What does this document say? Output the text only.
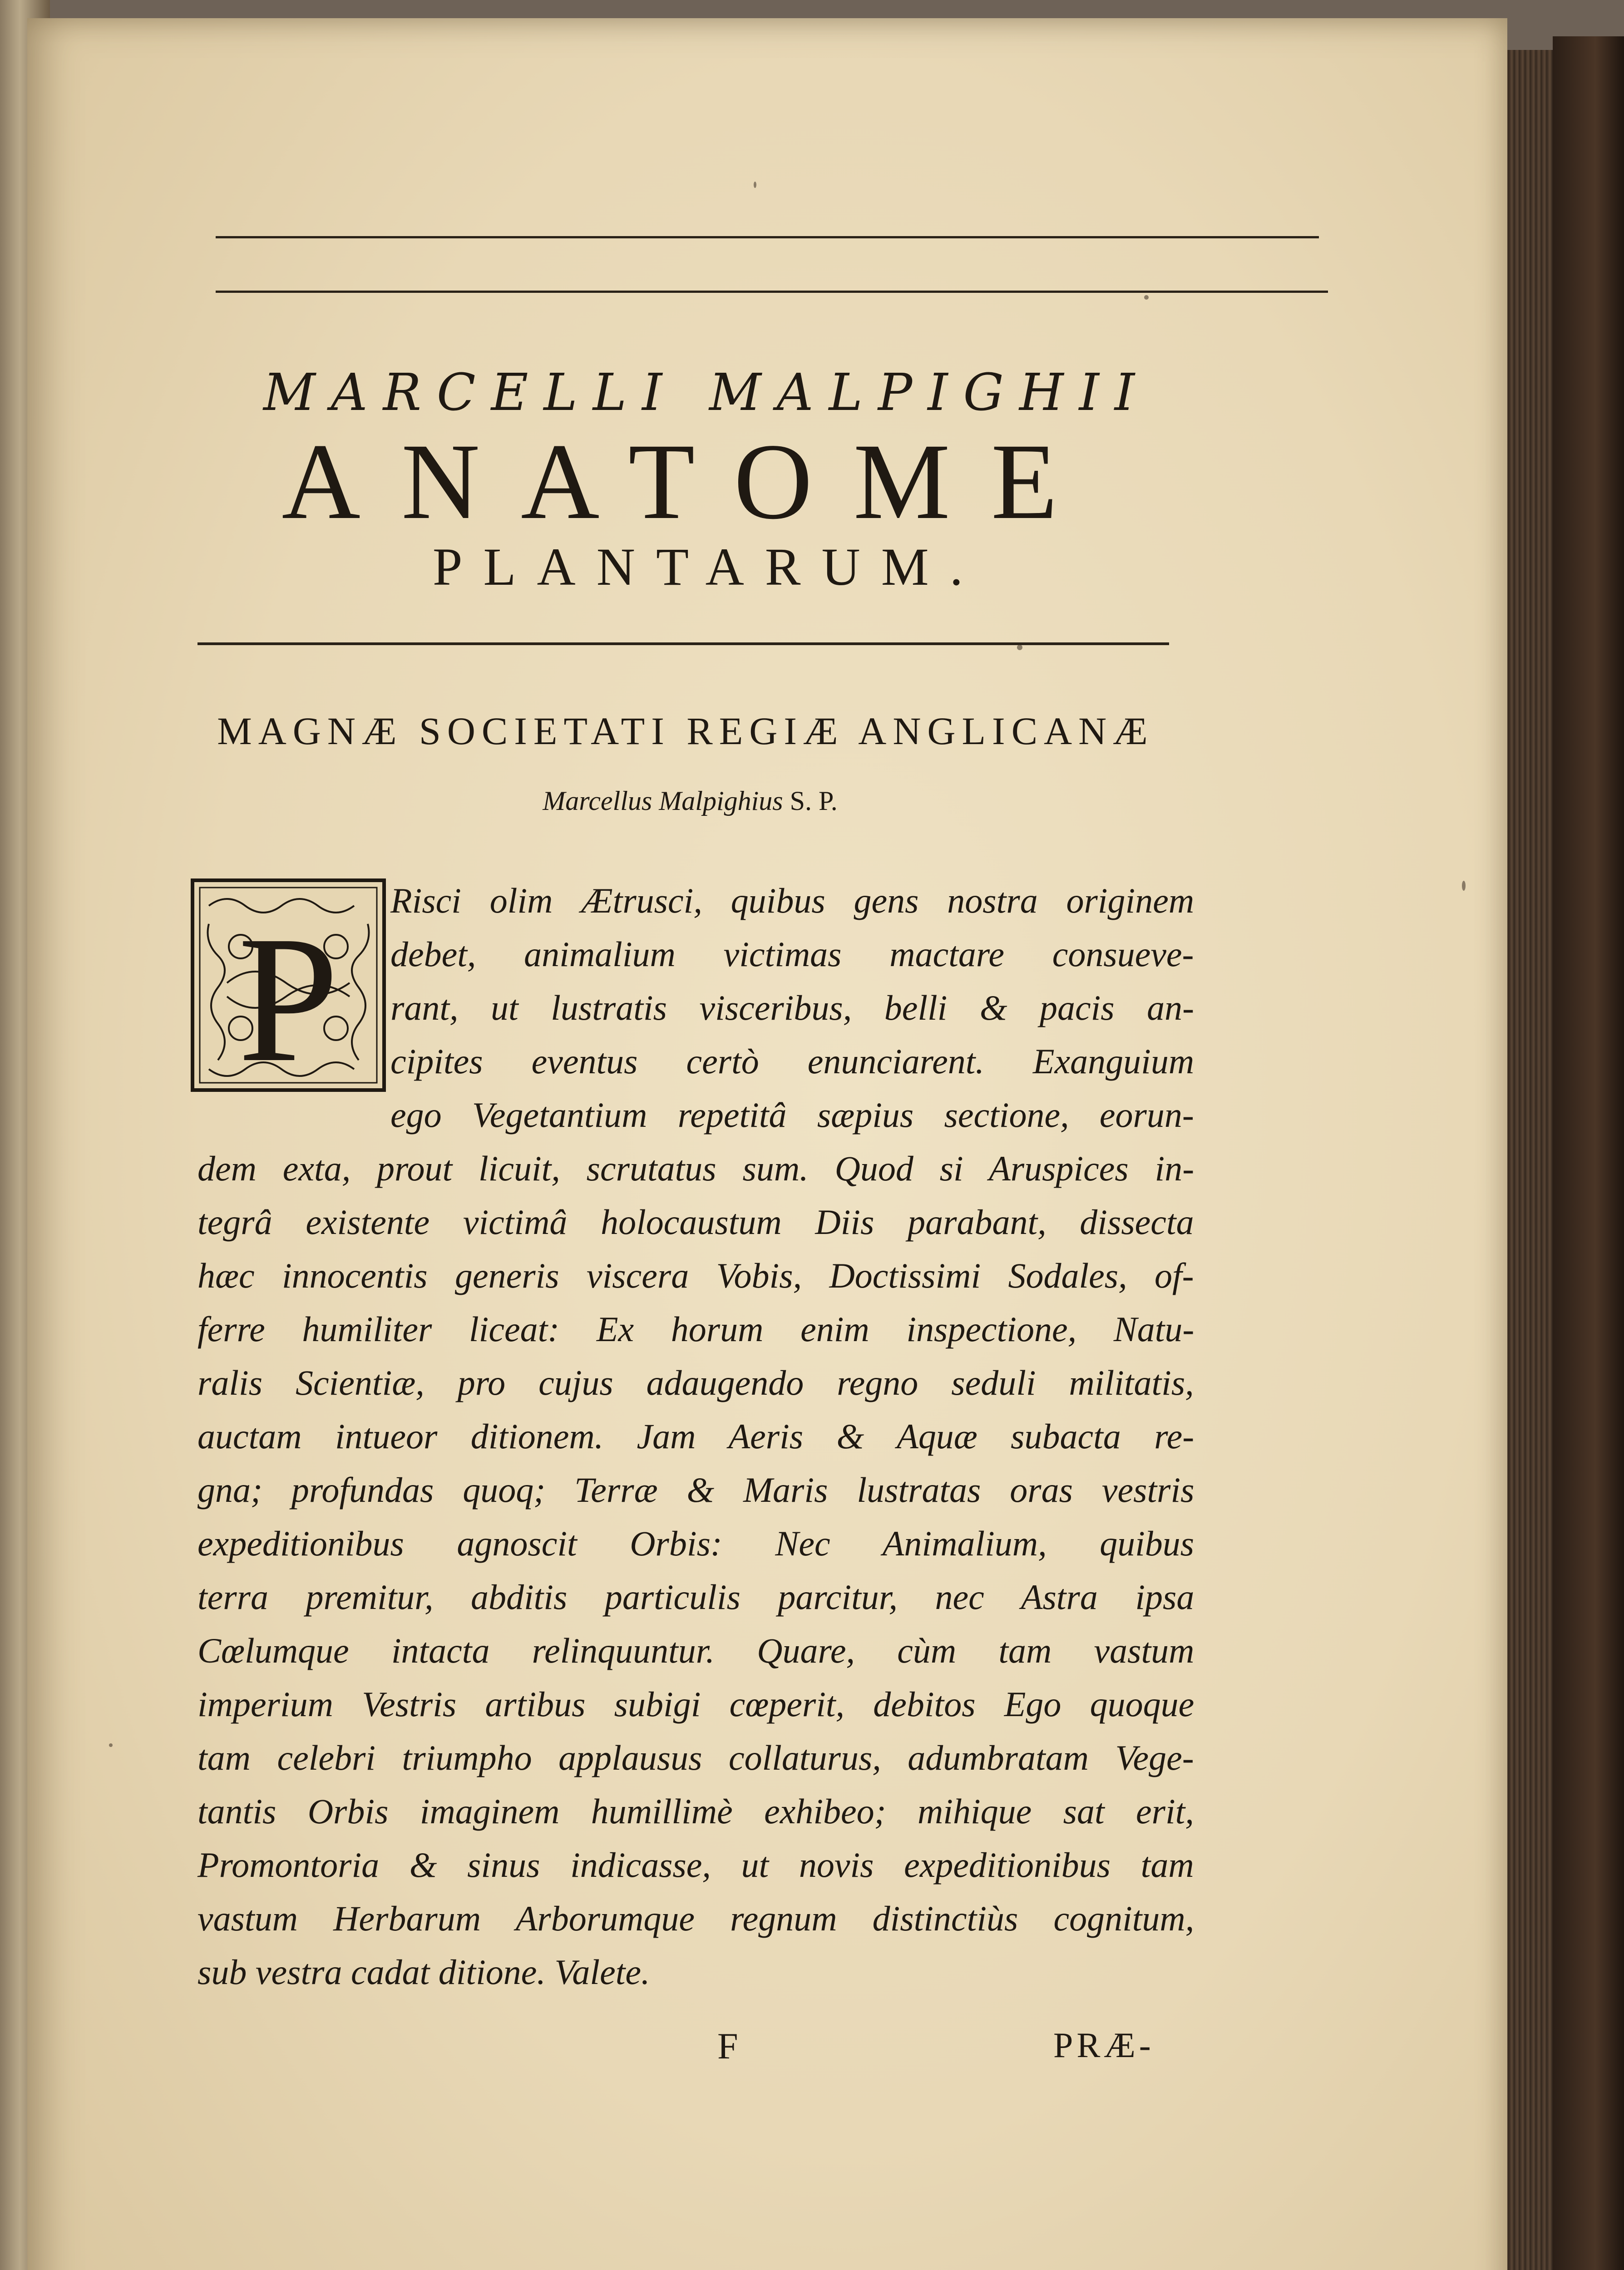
MARCELLI MALPIGHII
ANATOME
PLANTARUM.
MAGNÆ SOCIETATI REGIÆ ANGLICANÆ
Marcellus Malpighius S. P.
P Risci olim Ætrusci, quibus gens nostra originem
debet, animalium victimas mactare consueve-
rant, ut lustratis visceribus, belli & pacis an-
cipites eventus certò enunciarent. Exanguium
ego Vegetantium repetitâ sæpius sectione, eorun-
dem exta, prout licuit, scrutatus sum. Quod si Aruspices in-
tegrâ existente victimâ holocaustum Diis parabant, dissecta
hæc innocentis generis viscera Vobis, Doctissimi Sodales, of-
ferre humiliter liceat: Ex horum enim inspectione, Natu-
ralis Scientiæ, pro cujus adaugendo regno seduli militatis,
auctam intueor ditionem. Jam Aeris & Aquæ subacta re-
gna; profundas quoq; Terræ & Maris lustratas oras vestris
expeditionibus agnoscit Orbis: Nec Animalium, quibus
terra premitur, abditis particulis parcitur, nec Astra ipsa
Cœlumque intacta relinquuntur. Quare, cùm tam vastum
imperium Vestris artibus subigi cœperit, debitos Ego quoque
tam celebri triumpho applausus collaturus, adumbratam Vege-
tantis Orbis imaginem humillimè exhibeo; mihique sat erit,
Promontoria & sinus indicasse, ut novis expeditionibus tam
vastum Herbarum Arborumque regnum distinctiùs cognitum,
sub vestra cadat ditione. Valete.
F	PRÆ-
